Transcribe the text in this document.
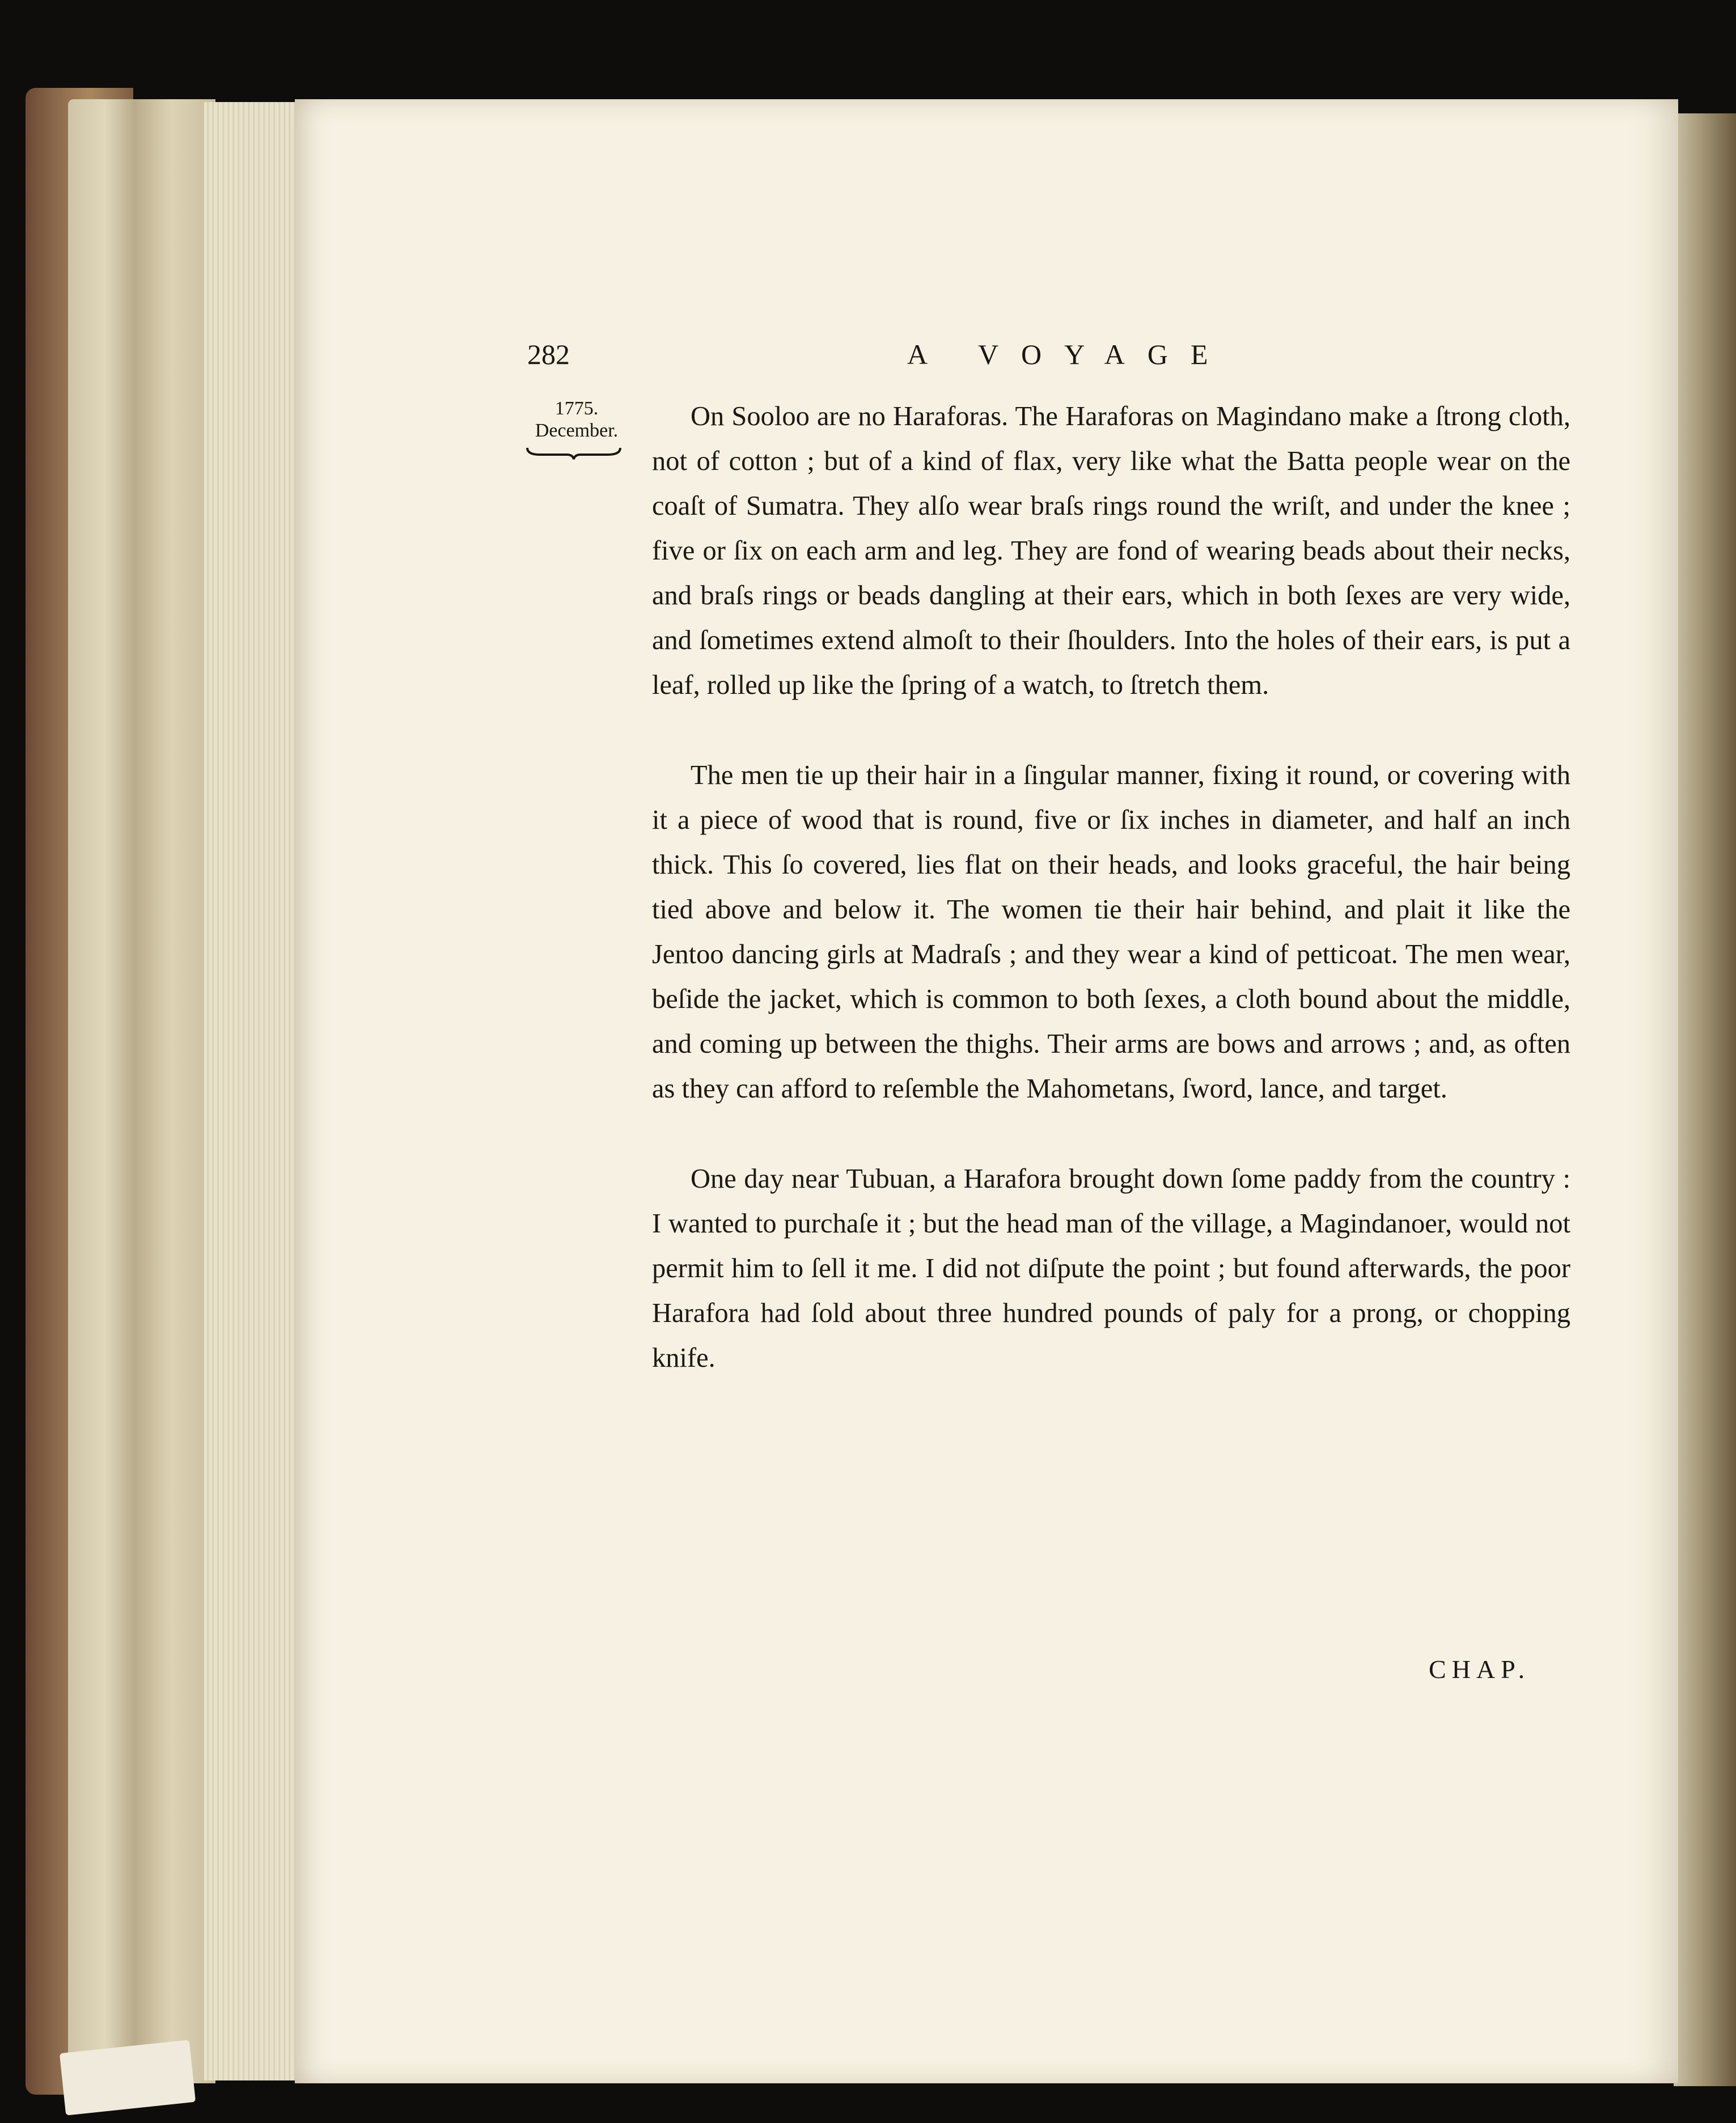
282	A VOYAGE
1775.
December.	On Sooloo are no Haraforas. The Haraforas on Magindano make a ſtrong cloth, not of cotton ; but of a kind of flax, very like what the Batta people wear on the coaſt of Sumatra. They alſo wear braſs rings round the wriſt, and under the knee ; five or ſix on each arm and leg. They are fond of wearing beads about their necks, and braſs rings or beads dangling at their ears, which in both ſexes are very wide, and ſometimes extend almoſt to their ſhoulders. Into the holes of their ears, is put a leaf, rolled up like the ſpring of a watch, to ſtretch them.

The men tie up their hair in a ſingular manner, fixing it round, or covering with it a piece of wood that is round, five or ſix inches in diameter, and half an inch thick. This ſo covered, lies flat on their heads, and looks graceful, the hair being tied above and below it. The women tie their hair behind, and plait it like the Jentoo dancing girls at Madraſs ; and they wear a kind of petticoat. The men wear, beſide the jacket, which is common to both ſexes, a cloth bound about the middle, and coming up between the thighs. Their arms are bows and arrows ; and, as often as they can afford to reſemble the Mahometans, ſword, lance, and target.

One day near Tubuan, a Harafora brought down ſome paddy from the country : I wanted to purchaſe it ; but the head man of the village, a Magindanoer, would not permit him to ſell it me. I did not diſpute the point ; but found afterwards, the poor Harafora had ſold about three hundred pounds of paly for a prong, or chopping knife.

CHAP.
